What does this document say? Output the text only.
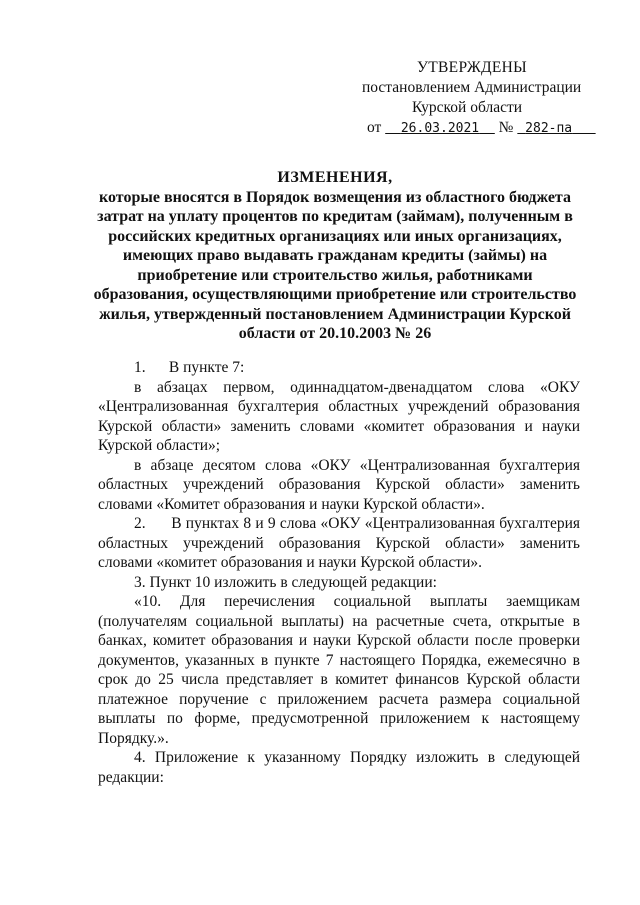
УТВЕРЖДЕНЫ
постановлением Администрации
Курской области
от 26.03.2021 № 282-па
ИЗМЕНЕНИЯ,
которые вносятся в Порядок возмещения из областного бюджета затрат на уплату процентов по кредитам (займам), полученным в российских кредитных организациях или иных организациях, имеющих право выдавать гражданам кредиты (займы) на приобретение или строительство жилья, работниками образования, осуществляющими приобретение или строительство жилья, утвержденный постановлением Администрации Курской области от 20.10.2003 № 26

1.      В пункте 7:

в абзацах первом, одиннадцатом-двенадцатом слова «ОКУ «Централизованная бухгалтерия областных учреждений образования Курской области» заменить словами «комитет образования и науки Курской области»;

в абзаце десятом слова «ОКУ «Централизованная бухгалтерия областных учреждений образования Курской области» заменить словами «Комитет образования и науки Курской области».

2.      В пунктах 8 и 9 слова «ОКУ «Централизованная бухгалтерия областных учреждений образования Курской области» заменить словами «комитет образования и науки Курской области».

3. Пункт 10 изложить в следующей редакции:

«10. Для перечисления социальной выплаты заемщикам (получателям социальной выплаты) на расчетные счета, открытые в банках, комитет образования и науки Курской области после проверки документов, указанных в пункте 7 настоящего Порядка, ежемесячно в срок до 25 числа представляет в комитет финансов Курской области платежное поручение с приложением расчета размера социальной выплаты по форме, предусмотренной приложением к настоящему Порядку.».

4. Приложение к указанному Порядку изложить в следующей редакции:
